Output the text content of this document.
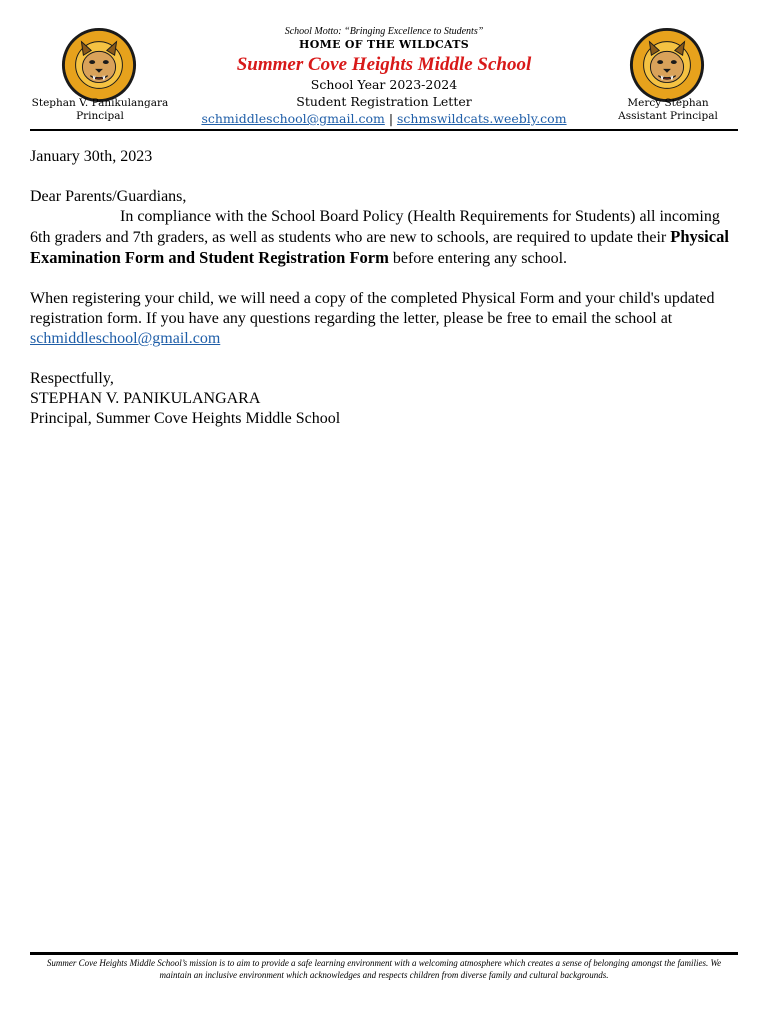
Stephan V. Panikulangara
Principal
Mercy Stephan
Assistant Principal
School Motto: “Bringing Excellence to Students”
HOME OF THE WILDCATS
Summer Cove Heights Middle School
School Year 2023-2024
Student Registration Letter
schmiddleschool@gmail.com | schmswildcats.weebly.com

January 30th, 2023

Dear Parents/Guardians,

In compliance with the School Board Policy (Health Requirements for Students) all incoming 6th graders and 7th graders, as well as students who are new to schools, are required to update their Physical Examination Form and Student Registration Form before entering any school.

When registering your child, we will need a copy of the completed Physical Form and your child's updated registration form. If you have any questions regarding the letter, please be free to email the school at schmiddleschool@gmail.com

Respectfully,

STEPHAN V. PANIKULANGARA

Principal, Summer Cove Heights Middle School

Summer Cove Heights Middle School’s mission is to aim to provide a safe learning environment with a welcoming atmosphere which creates a sense of belonging amongst the families. We maintain an inclusive environment which acknowledges and respects children from diverse family and cultural backgrounds.
